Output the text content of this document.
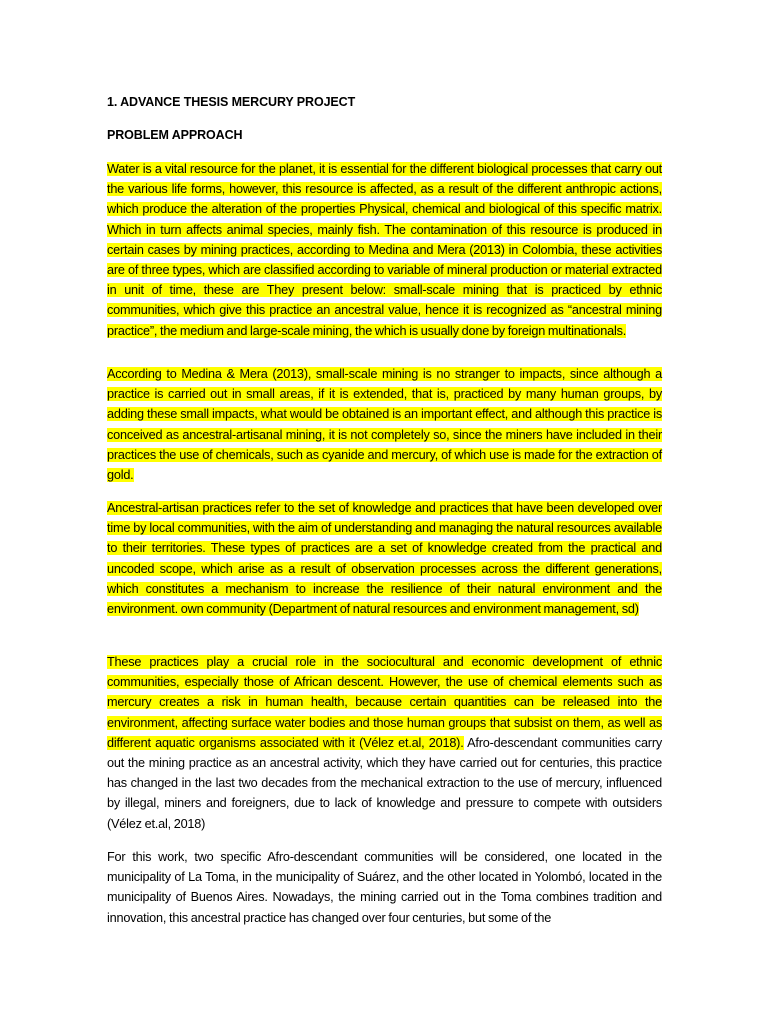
1. ADVANCE THESIS MERCURY PROJECT

PROBLEM APPROACH

Water is a vital resource for the planet, it is essential for the different biological processes that carry out the various life forms, however, this resource is affected, as a result of the different anthropic actions, which produce the alteration of the properties Physical, chemical and biological of this specific matrix. Which in turn affects animal species, mainly fish. The contamination of this resource is produced in certain cases by mining practices, according to Medina and Mera (2013) in Colombia, these activities are of three types, which are classified according to variable of mineral production or material extracted in unit of time, these are They present below: small-scale mining that is practiced by ethnic communities, which give this practice an ancestral value, hence it is recognized as “ancestral mining practice”, the medium and large-scale mining, the which is usually done by foreign multinationals.

According to Medina & Mera (2013), small-scale mining is no stranger to impacts, since although a practice is carried out in small areas, if it is extended, that is, practiced by many human groups, by adding these small impacts, what would be obtained is an important effect, and although this practice is conceived as ancestral-artisanal mining, it is not completely so, since the miners have included in their practices the use of chemicals, such as cyanide and mercury, of which use is made for the extraction of gold.

Ancestral-artisan practices refer to the set of knowledge and practices that have been developed over time by local communities, with the aim of understanding and managing the natural resources available to their territories. These types of practices are a set of knowledge created from the practical and uncoded scope, which arise as a result of observation processes across the different generations, which constitutes a mechanism to increase the resilience of their natural environment and the environment. own community (Department of natural resources and environment management, sd)

These practices play a crucial role in the sociocultural and economic development of ethnic communities, especially those of African descent. However, the use of chemical elements such as mercury creates a risk in human health, because certain quantities can be released into the environment, affecting surface water bodies and those human groups that subsist on them, as well as different aquatic organisms associated with it (Vélez et.al, 2018). Afro-descendant communities carry out the mining practice as an ancestral activity, which they have carried out for centuries, this practice has changed in the last two decades from the mechanical extraction to the use of mercury, influenced by illegal, miners and foreigners, due to lack of knowledge and pressure to compete with outsiders (Vélez et.al, 2018)

For this work, two specific Afro-descendant communities will be considered, one located in the municipality of La Toma, in the municipality of Suárez, and the other located in Yolombó, located in the municipality of Buenos Aires. Nowadays, the mining carried out in the Toma combines tradition and innovation, this ancestral practice has changed over four centuries, but some of the
